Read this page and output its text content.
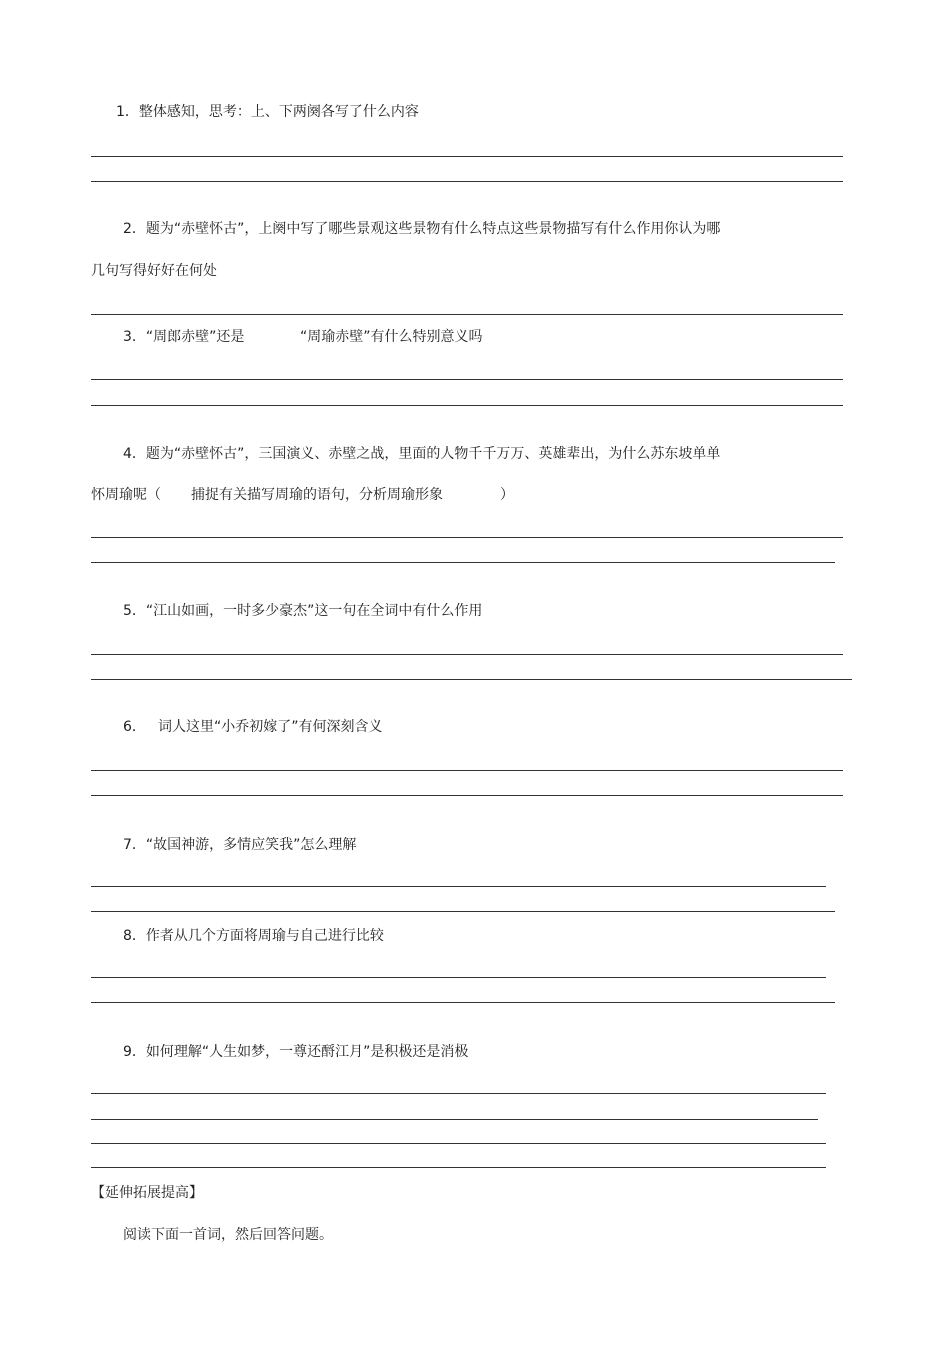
1．整体感知，思考：上、下两阕各写了什么内容
2．题为“赤壁怀古”，上阕中写了哪些景观这些景物有什么特点这些景物描写有什么作用你认为哪
几句写得好好在何处
3．“周郎赤壁”还是	“周瑜赤壁”有什么特别意义吗
4．题为“赤壁怀古”，三国演义、赤壁之战，里面的人物千千万万、英雄辈出，为什么苏东坡单单
怀周瑜呢（ 捕捉有关描写周瑜的语句，分析周瑜形象	）
5．“江山如画，一时多少豪杰”这一句在全词中有什么作用
6． 词人这里“小乔初嫁了”有何深刻含义
7．“故国神游，多情应笑我”怎么理解
8．作者从几个方面将周瑜与自己进行比较
9．如何理解“人生如梦，一尊还酹江月”是积极还是消极
【延伸拓展提高】
阅读下面一首词，然后回答问题。
